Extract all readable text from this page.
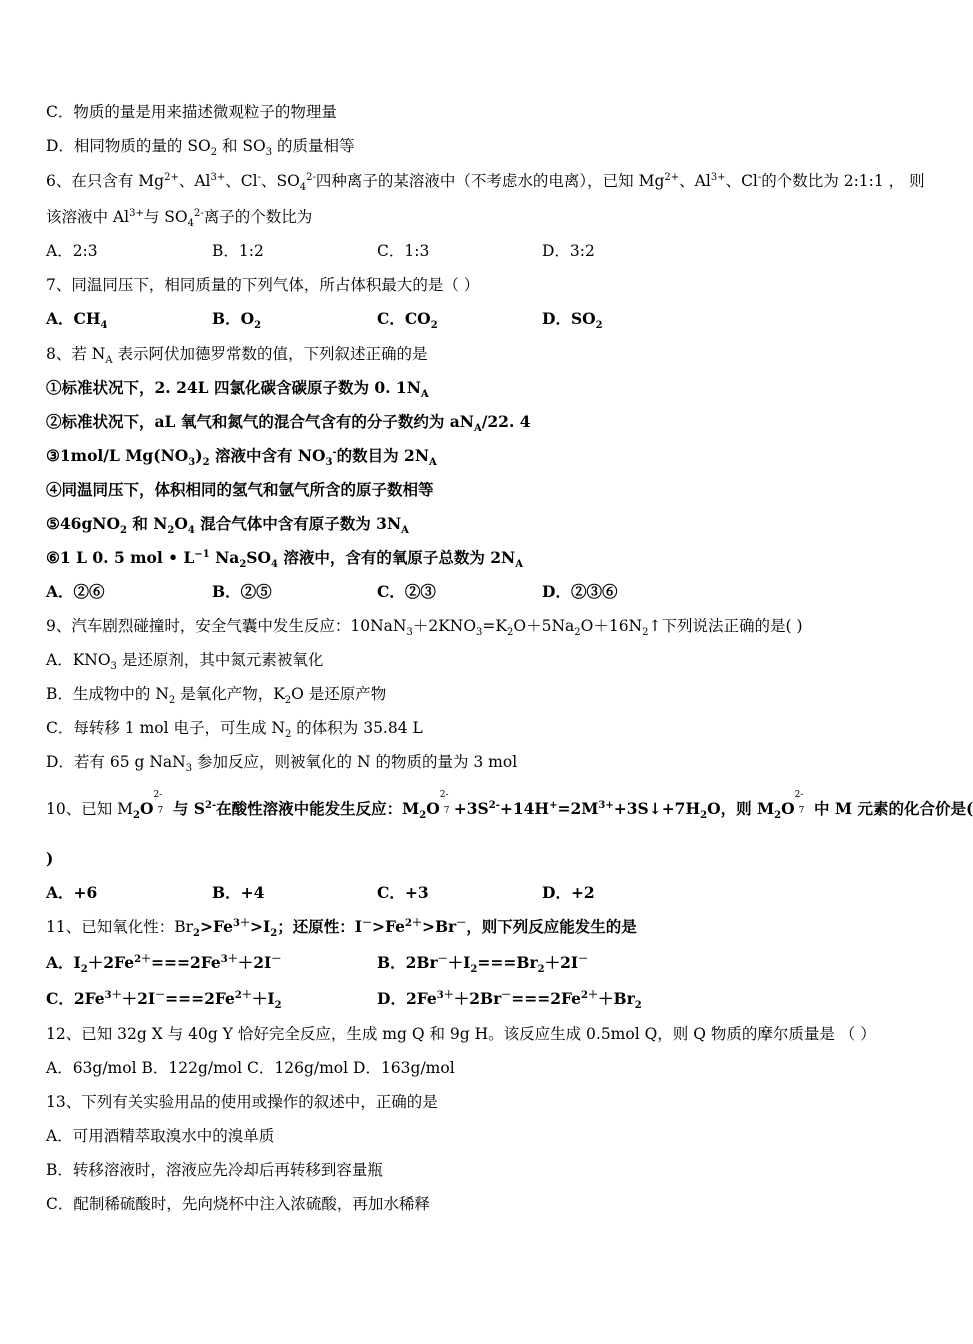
C．物质的量是用来描述微观粒子的物理量
D．相同物质的量的 $SO_2$ 和 $SO_3$ 的质量相等
6、在只含有 $Mg^{2+}$、$Al^{3+}$、Cl-、$SO_4^{2-}$四种离子的某溶液中（不考虑水的电离），已知 $Mg^{2+}$、$Al^{3+}$、Cl-的个数比为 2:1:1 ， 则
该溶液中 $Al^{3+}$与 $SO_4^{2-}$离子的个数比为
A．2:3	B．1:2	C．1:3	D．3:2
7、同温同压下，相同质量的下列气体，所占体积最大的是（ ）
A．$CH_4$	B．$O_2$	C．$CO_2$	D．$SO_2$
8、若 $N_A$ 表示阿伏加德罗常数的值，下列叙述正确的是
①标准状况下，2. 24L 四氯化碳含碳原子数为 0. $1N_A$
②标准状况下，aL 氧气和氮气的混合气含有的分子数约为 $aN_A/22$. 4
③1mol/L $Mg(NO_3)_2$ 溶液中含有 $NO_3^-$的数目为 $2N_A$
④同温同压下，体积相同的氢气和氩气所含的原子数相等
⑤46gNO$_2$ 和 $N_2O_4$ 混合气体中含有原子数为 $3N_A$
⑥1 L 0. 5 mol • $L^{-1}$ $Na_2SO_4$ 溶液中，含有的氧原子总数为 $2N_A$
A．②⑥	B．②⑤	C．②③	D．②③⑥
9、汽车剧烈碰撞时，安全气囊中发生反应：$10NaN_3+2KNO_3=K_2O+5Na_2O+16N_2↑$下列说法正确的是( )
A．$KNO_3$ 是还原剂，其中氮元素被氧化
B．生成物中的 $N_2$ 是氧化产物，$K_2O$ 是还原产物
C．每转移 1 mol 电子，可生成 $N_2$ 的体积为 35.84 L
D．若有 65 g NaN$_3$ 参加反应，则被氧化的 N 的物质的量为 3 mol
10、已知 $M_2O$
2-
7 与 $S^{2-}$在酸性溶液中能发生反应：$M_2O$
2-
$7 +3S^{2-}+14H^+=2M^{3+}+3S↓+7H_2O$，则 $M_2O$
2-
7 中 M 元素的化合价是(
)
A．+6	B．+4	C．+3	D．+2
11、已知氧化性：$Br_2>Fe^{3+}>I_2$；还原性：$I^->Fe^{2+}>Br^-$，则下列反应能发生的是
A．$I_2+2Fe^{2+}===2Fe^{3+}+2I^-$	B．$2Br^-+I_2===Br_2+2I^-$
C．$2Fe^{3+}+2I^-===2Fe^{2+}+I_2$	D．$2Fe^{3+}+2Br^-===2Fe^{2+}+Br_2$
12、已知 32g X 与 40g Y 恰好完全反应，生成 mg Q 和 9g H。该反应生成 0.5mol Q，则 Q 物质的摩尔质量是 （ ）
A．63g/mol B．122g/mol C．126g/mol D．163g/mol
13、下列有关实验用品的使用或操作的叙述中，正确的是
A．可用酒精萃取溴水中的溴单质
B．转移溶液时，溶液应先冷却后再转移到容量瓶
C．配制稀硫酸时，先向烧杯中注入浓硫酸，再加水稀释
